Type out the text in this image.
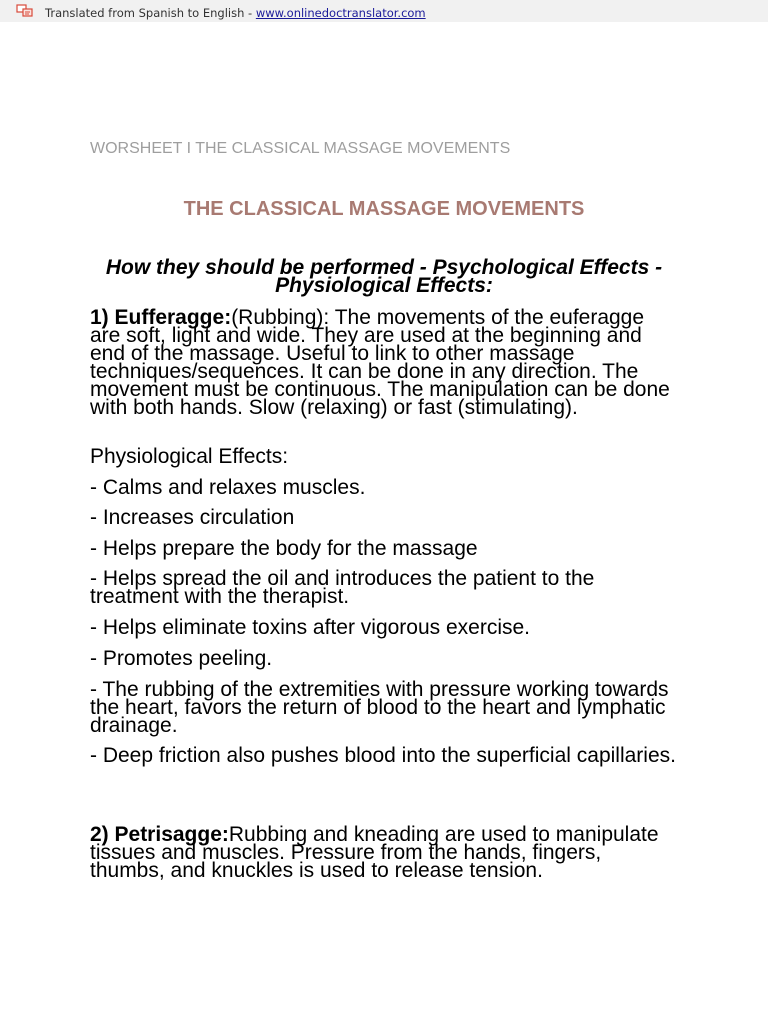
Translated from Spanish to English - www.onlinedoctranslator.com
WORSHEET I THE CLASSICAL MASSAGE MOVEMENTS
THE CLASSICAL MASSAGE MOVEMENTS
How they should be performed - Psychological Effects - Physiological Effects:
1) Eufferagge:(Rubbing): The movements of the euferagge are soft, light and wide. They are used at the beginning and end of the massage. Useful to link to other massage techniques/sequences. It can be done in any direction. The movement must be continuous. The manipulation can be done with both hands. Slow (relaxing) or fast (stimulating).
Physiological Effects:
- Calms and relaxes muscles.
- Increases circulation
- Helps prepare the body for the massage
- Helps spread the oil and introduces the patient to the treatment with the therapist.
- Helps eliminate toxins after vigorous exercise.
- Promotes peeling.
- The rubbing of the extremities with pressure working towards the heart, favors the return of blood to the heart and lymphatic drainage.
- Deep friction also pushes blood into the superficial capillaries.
2) Petrisagge:Rubbing and kneading are used to manipulate tissues and muscles. Pressure from the hands, fingers, thumbs, and knuckles is used to release tension.
